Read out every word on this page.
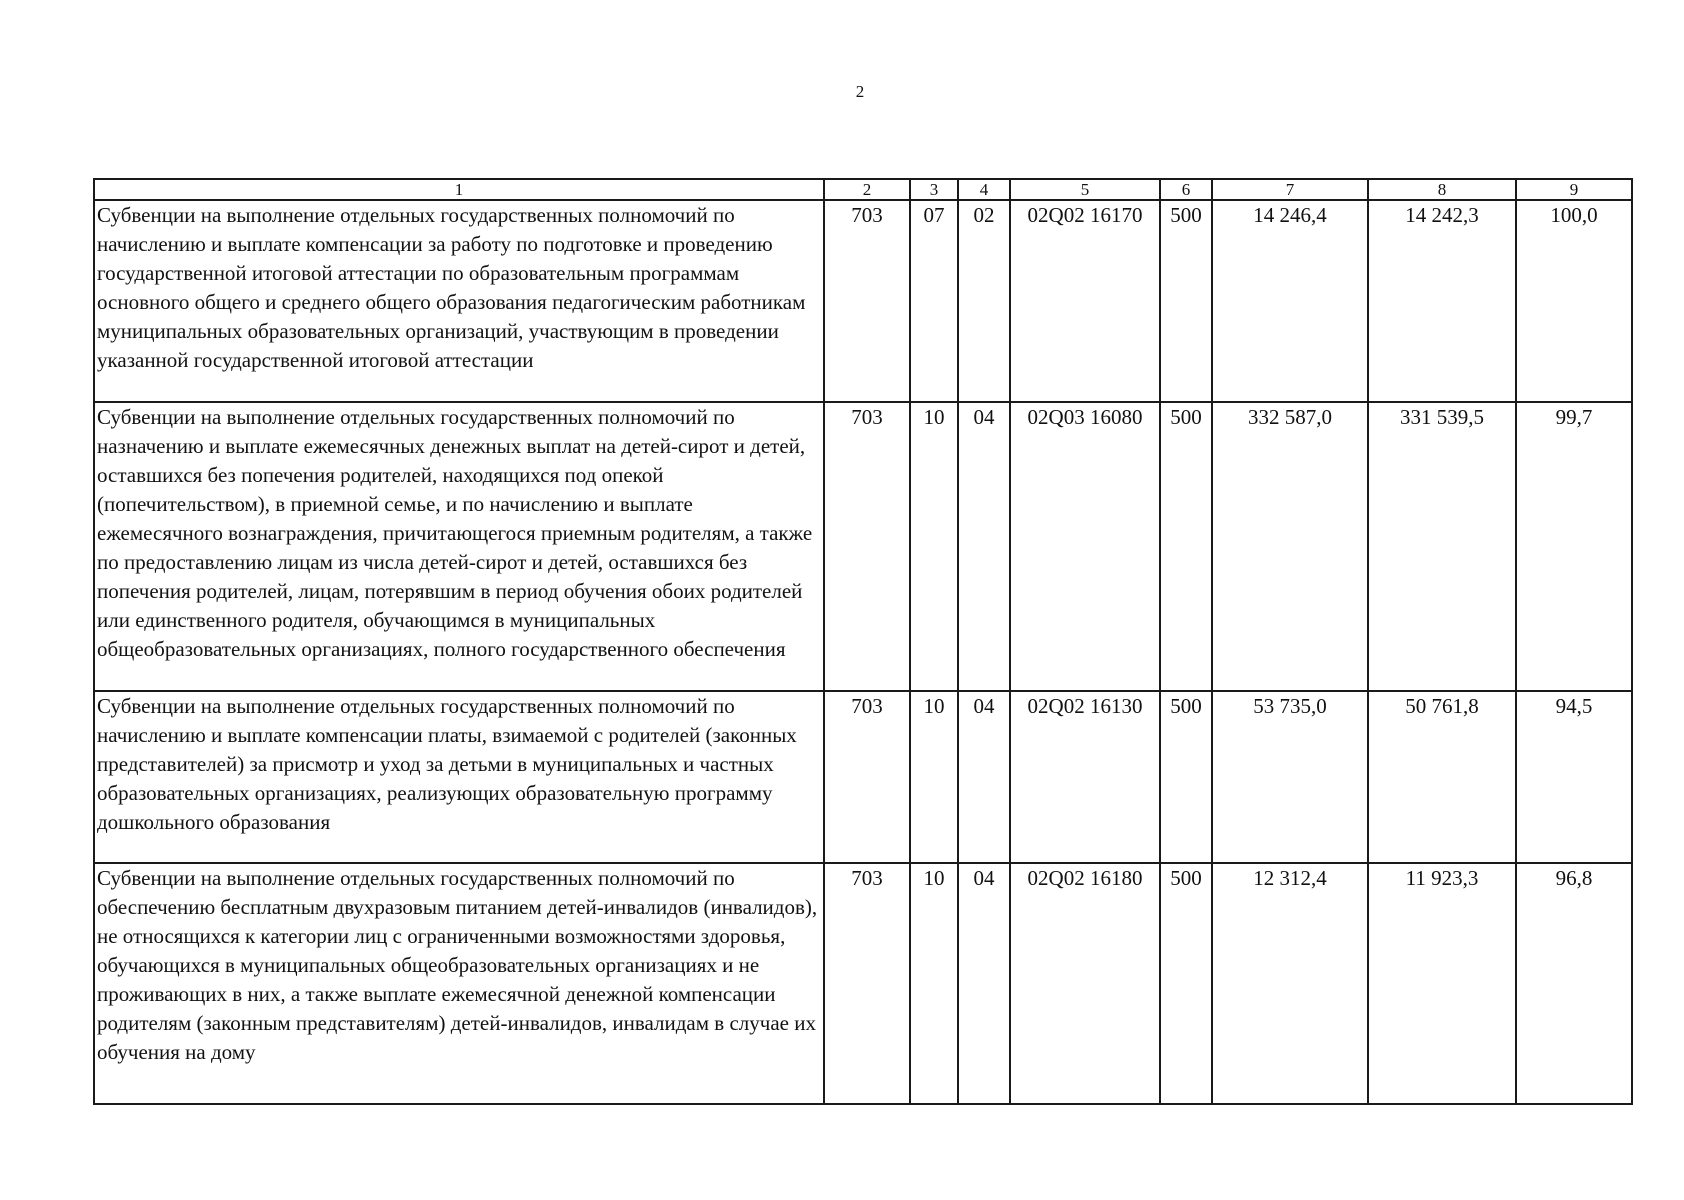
2
1	2	3	4	5	6	7	8	9
Субвенции на выполнение отдельных государственных полномочий по начислению и выплате компенсации за работу по подготовке и проведению государственной итоговой аттестации по образовательным программам основного общего и среднего общего образования педагогическим работникам муниципальных образовательных организаций, участвующим в проведении указанной государственной итоговой аттестации	703	07	02	02Q02 16170	500	14 246,4	14 242,3	100,0
Субвенции на выполнение отдельных государственных полномочий по назначению и выплате ежемесячных денежных выплат на детей-сирот и детей, оставшихся без попечения родителей, находящихся под опекой (попечительством), в приемной семье, и по начислению и выплате ежемесячного вознаграждения, причитающегося приемным родителям, а также по предоставлению лицам из числа детей-сирот и детей, оставшихся без попечения родителей, лицам, потерявшим в период обучения обоих родителей или единственного родителя, обучающимся в муниципальных общеобразовательных организациях, полного государственного обеспечения	703	10	04	02Q03 16080	500	332 587,0	331 539,5	99,7
Субвенции на выполнение отдельных государственных полномочий по начислению и выплате компенсации платы, взимаемой с родителей (законных представителей) за присмотр и уход за детьми в муниципальных и частных образовательных организациях, реализующих образовательную программу дошкольного образования	703	10	04	02Q02 16130	500	53 735,0	50 761,8	94,5
Субвенции на выполнение отдельных государственных полномочий по обеспечению бесплатным двухразовым питанием детей-инвалидов (инвалидов), не относящихся к категории лиц с ограниченными возможностями здоровья, обучающихся в муниципальных общеобразовательных организациях и не проживающих в них, а также выплате ежемесячной денежной компенсации родителям (законным представителям) детей-инвалидов, инвалидам в случае их обучения на дому	703	10	04	02Q02 16180	500	12 312,4	11 923,3	96,8
